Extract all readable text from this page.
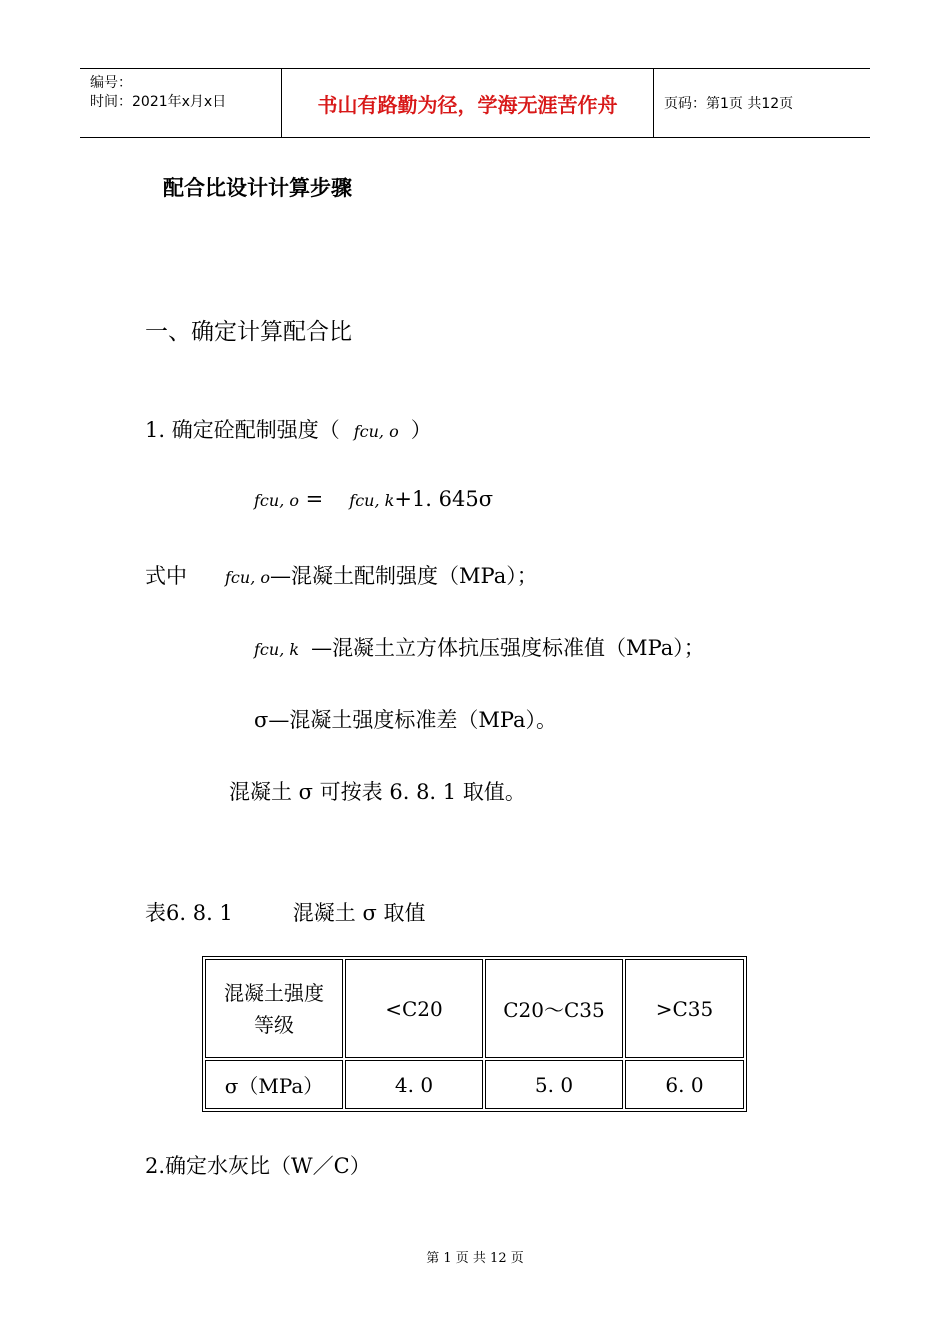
编号：
时间：2021年x月x日	书山有路勤为径，学海无涯苦作舟	页码：第1页 共12页
配合比设计计算步骤
一、确定计算配合比
1. 确定砼配制强度（ fcu, o ）
fcu, o = fcu, k+1. 645σ
式中 fcu, o—混凝土配制强度（MPa）；
fcu, k —混凝土立方体抗压强度标准值（MPa）；
σ—混凝土强度标准差（MPa）。
混凝土 σ 可按表 6. 8. 1 取值。
表6. 8. 1	混凝土 σ 取值
混凝土强度
等级	<C20	C20～C35	>C35
σ（MPa）	4. 0	5. 0	6. 0
2.确定水灰比（W／C）
第 1 页 共 12 页
